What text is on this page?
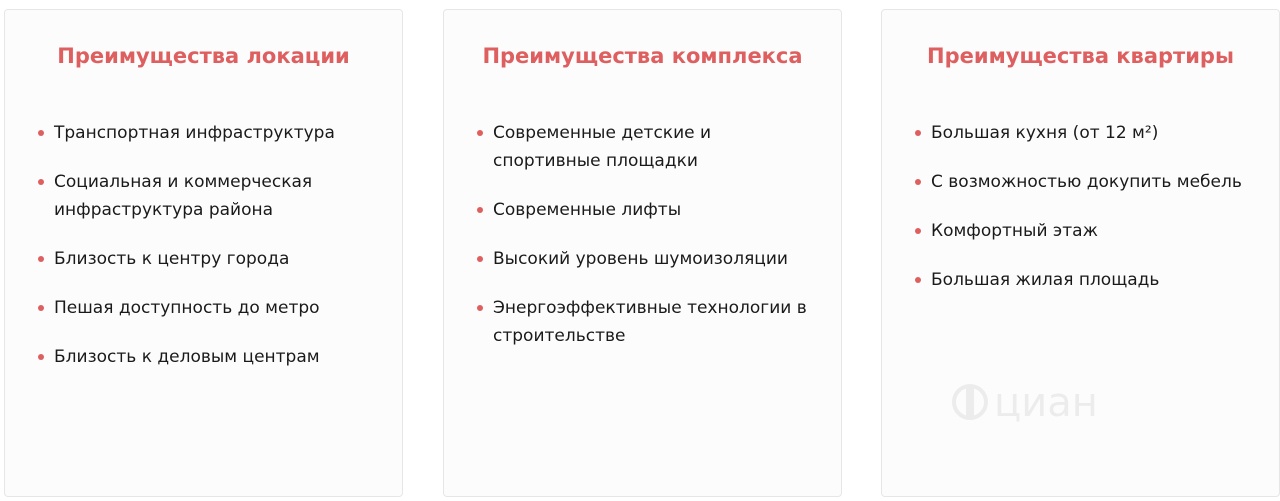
Преимущества локации
Транспортная инфраструктура
Социальная и коммерческая инфраструктура района
Близость к центру города
Пешая доступность до метро
Близость к деловым центрам
Преимущества комплекса
Современные детские и спортивные площадки
Современные лифты
Высокий уровень шумоизоляции
Энергоэффективные технологии в строительстве
Преимущества квартиры
Большая кухня (от 12 м²)
С возможностью докупить мебель
Комфортный этаж
Большая жилая площадь
